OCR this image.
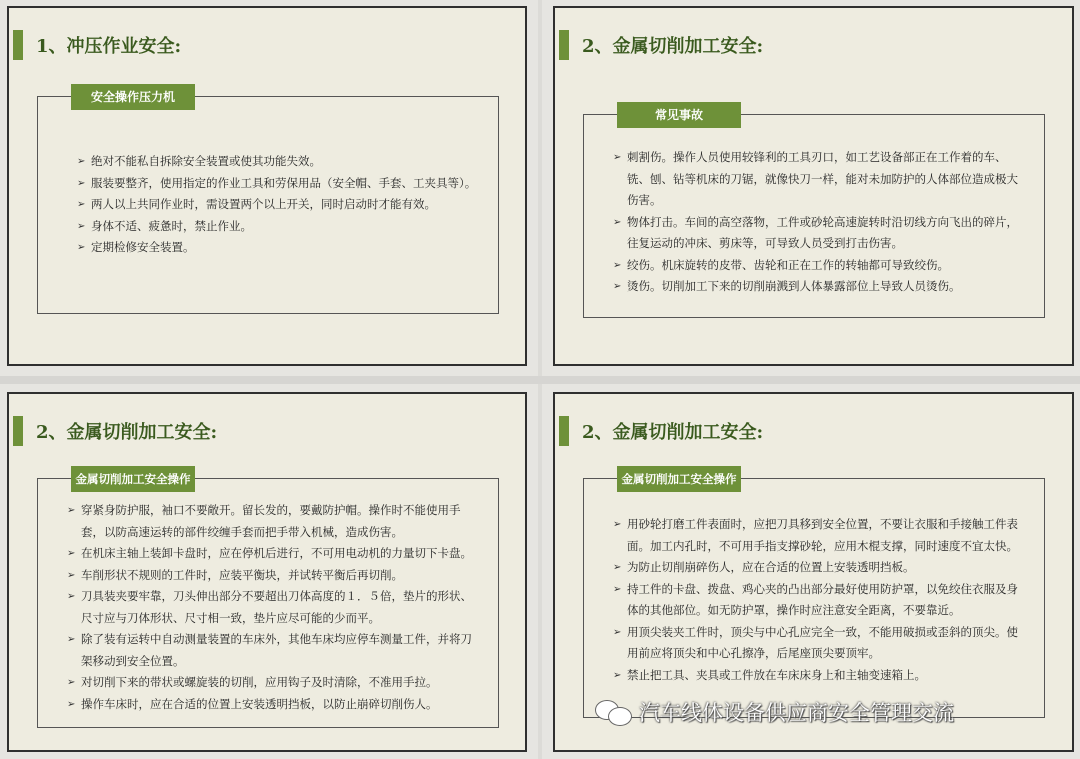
1、冲压作业安全:
安全操作压力机
➢ 绝对不能私自拆除安全装置或使其功能失效。
➢ 服装要整齐，使用指定的作业工具和劳保用品（安全帽、手套、工夹具等）。
➢ 两人以上共同作业时，需设置两个以上开关，同时启动时才能有效。
➢ 身体不适、疲惫时，禁止作业。
➢ 定期检修安全装置。
2、金属切削加工安全:
常见事故
➢ 刺割伤。操作人员使用较锋利的工具刃口，如工艺设备部正在工作着的车、铣、刨、钻等机床的刀锯，就像快刀一样，能对未加防护的人体部位造成极大伤害。
➢ 物体打击。车间的高空落物，工件或砂轮高速旋转时沿切线方向飞出的碎片，往复运动的冲床、剪床等，可导致人员受到打击伤害。
➢ 绞伤。机床旋转的皮带、齿轮和正在工作的转轴都可导致绞伤。
➢ 烫伤。切削加工下来的切削崩溅到人体暴露部位上导致人员烫伤。
2、金属切削加工安全:
金属切削加工安全操作
➢ 穿紧身防护服，袖口不要敞开。留长发的，要戴防护帽。操作时不能使用手套，以防高速运转的部件绞缠手套而把手带入机械，造成伤害。
➢ 在机床主轴上装卸卡盘时，应在停机后进行，不可用电动机的力量切下卡盘。
➢ 车削形状不规则的工件时，应装平衡块，并试转平衡后再切削。
➢ 刀具装夹要牢靠，刀头伸出部分不要超出刀体高度的１．５倍，垫片的形状、尺寸应与刀体形状、尺寸相一致，垫片应尽可能的少而平。
➢ 除了装有运转中自动测量装置的车床外，其他车床均应停车测量工件，并将刀架移动到安全位置。
➢ 对切削下来的带状或螺旋装的切削，应用钩子及时清除，不准用手拉。
➢ 操作车床时，应在合适的位置上安装透明挡板，以防止崩碎切削伤人。
2、金属切削加工安全:
金属切削加工安全操作
➢ 用砂轮打磨工件表面时，应把刀具移到安全位置，不要让衣服和手接触工件表面。加工内孔时，不可用手指支撑砂轮，应用木棍支撑，同时速度不宜太快。
➢ 为防止切削崩碎伤人，应在合适的位置上安装透明挡板。
➢ 持工件的卡盘、拨盘、鸡心夹的凸出部分最好使用防护罩，以免绞住衣服及身体的其他部位。如无防护罩，操作时应注意安全距离，不要靠近。
➢ 用顶尖装夹工件时，顶尖与中心孔应完全一致，不能用破损或歪斜的顶尖。使用前应将顶尖和中心孔擦净，后尾座顶尖要顶牢。
➢ 禁止把工具、夹具或工件放在车床床身上和主轴变速箱上。
汽车线体设备供应商安全管理交流
